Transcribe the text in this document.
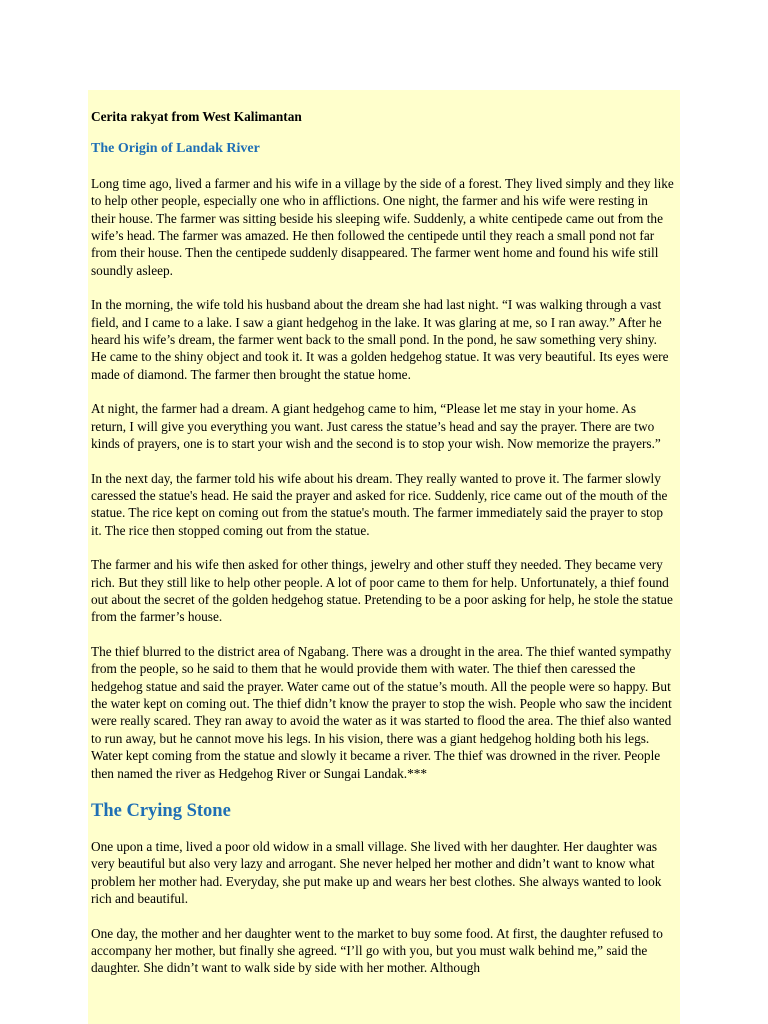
Cerita rakyat from West Kalimantan
The Origin of Landak River

Long time ago, lived a farmer and his wife in a village by the side of a forest. They lived simply and they like to help other people, especially one who in afflictions. One night, the farmer and his wife were resting in their house. The farmer was sitting beside his sleeping wife. Suddenly, a white centipede came out from the wife’s head. The farmer was amazed. He then followed the centipede until they reach a small pond not far from their house. Then the centipede suddenly disappeared. The farmer went home and found his wife still soundly asleep.

In the morning, the wife told his husband about the dream she had last night. “I was walking through a vast field, and I came to a lake. I saw a giant hedgehog in the lake. It was glaring at me, so I ran away.” After he heard his wife’s dream, the farmer went back to the small pond. In the pond, he saw something very shiny. He came to the shiny object and took it. It was a golden hedgehog statue. It was very beautiful. Its eyes were made of diamond. The farmer then brought the statue home.

At night, the farmer had a dream. A giant hedgehog came to him, “Please let me stay in your home. As return, I will give you everything you want. Just caress the statue’s head and say the prayer. There are two kinds of prayers, one is to start your wish and the second is to stop your wish. Now memorize the prayers.”

In the next day, the farmer told his wife about his dream. They really wanted to prove it. The farmer slowly caressed the statue's head. He said the prayer and asked for rice. Suddenly, rice came out of the mouth of the statue. The rice kept on coming out from the statue's mouth. The farmer immediately said the prayer to stop it. The rice then stopped coming out from the statue.

The farmer and his wife then asked for other things, jewelry and other stuff they needed. They became very rich. But they still like to help other people. A lot of poor came to them for help. Unfortunately, a thief found out about the secret of the golden hedgehog statue. Pretending to be a poor asking for help, he stole the statue from the farmer’s house.

The thief blurred to the district area of Ngabang. There was a drought in the area. The thief wanted sympathy from the people, so he said to them that he would provide them with water. The thief then caressed the hedgehog statue and said the prayer. Water came out of the statue’s mouth. All the people were so happy. But the water kept on coming out. The thief didn’t know the prayer to stop the wish. People who saw the incident were really scared. They ran away to avoid the water as it was started to flood the area. The thief also wanted to run away, but he cannot move his legs. In his vision, there was a giant hedgehog holding both his legs. Water kept coming from the statue and slowly it became a river. The thief was drowned in the river. People then named the river as Hedgehog River or Sungai Landak.***

The Crying Stone

One upon a time, lived a poor old widow in a small village. She lived with her daughter. Her daughter was very beautiful but also very lazy and arrogant. She never helped her mother and didn’t want to know what problem her mother had. Everyday, she put make up and wears her best clothes. She always wanted to look rich and beautiful.

One day, the mother and her daughter went to the market to buy some food. At first, the daughter refused to accompany her mother, but finally she agreed. “I’ll go with you, but you must walk behind me,” said the daughter. She didn’t want to walk side by side with her mother. Although
